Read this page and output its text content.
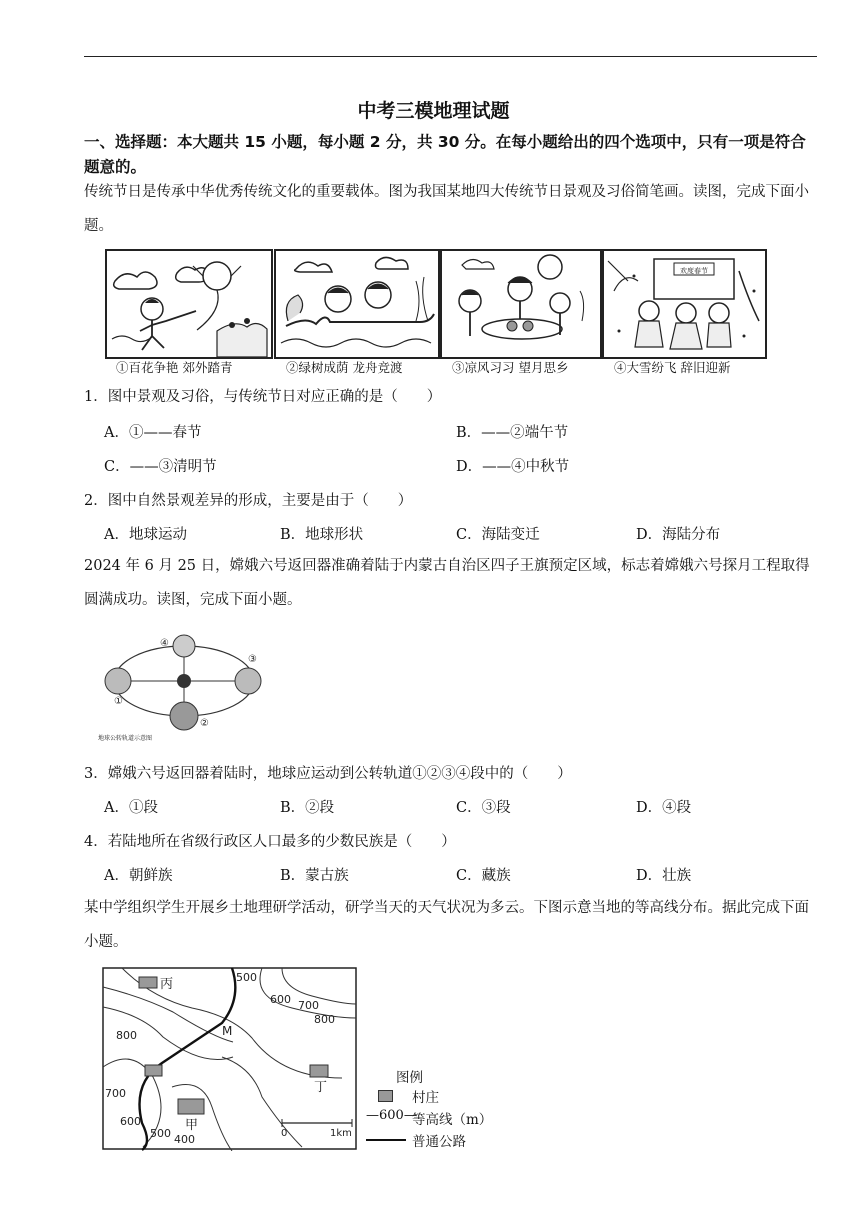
中考三模地理试题
一、选择题：本大题共 15 小题，每小题 2 分，共 30 分。在每小题给出的四个选项中，只有一项是符合题意的。
传统节日是传承中华优秀传统文化的重要载体。图为我国某地四大传统节日景观及习俗简笔画。读图，完成下面小题。
欢度春节
①百花争艳 郊外踏青	②绿树成荫 龙舟竞渡	③凉风习习 望月思乡	④大雪纷飞 辞旧迎新
1．图中景观及习俗，与传统节日对应正确的是（　　）
A．①——春节	B．——②端午节
C．——③清明节	D．——④中秋节
2．图中自然景观差异的形成，主要是由于（　　）
A．地球运动	B．地球形状	C．海陆变迁	D．海陆分布
2024 年 6 月 25 日，嫦娥六号返回器准确着陆于内蒙古自治区四子王旗预定区域，标志着嫦娥六号探月工程取得圆满成功。读图，完成下面小题。
④
③
②
①
地球公转轨道示意图
3．嫦娥六号返回器着陆时，地球应运动到公转轨道①②③④段中的（　　）
A．①段	B．②段	C．③段	D．④段
4．若陆地所在省级行政区人口最多的少数民族是（　　）
A．朝鲜族	B．蒙古族	C．藏族	D．壮族
某中学组织学生开展乡土地理研学活动，研学当天的天气状况为多云。下图示意当地的等高线分布。据此完成下面小题。
丙
甲
丁
M
500
600 700
800
800
700
600
500 400	0	1km
图例
村庄
—600—
等高线（m）
普通公路
